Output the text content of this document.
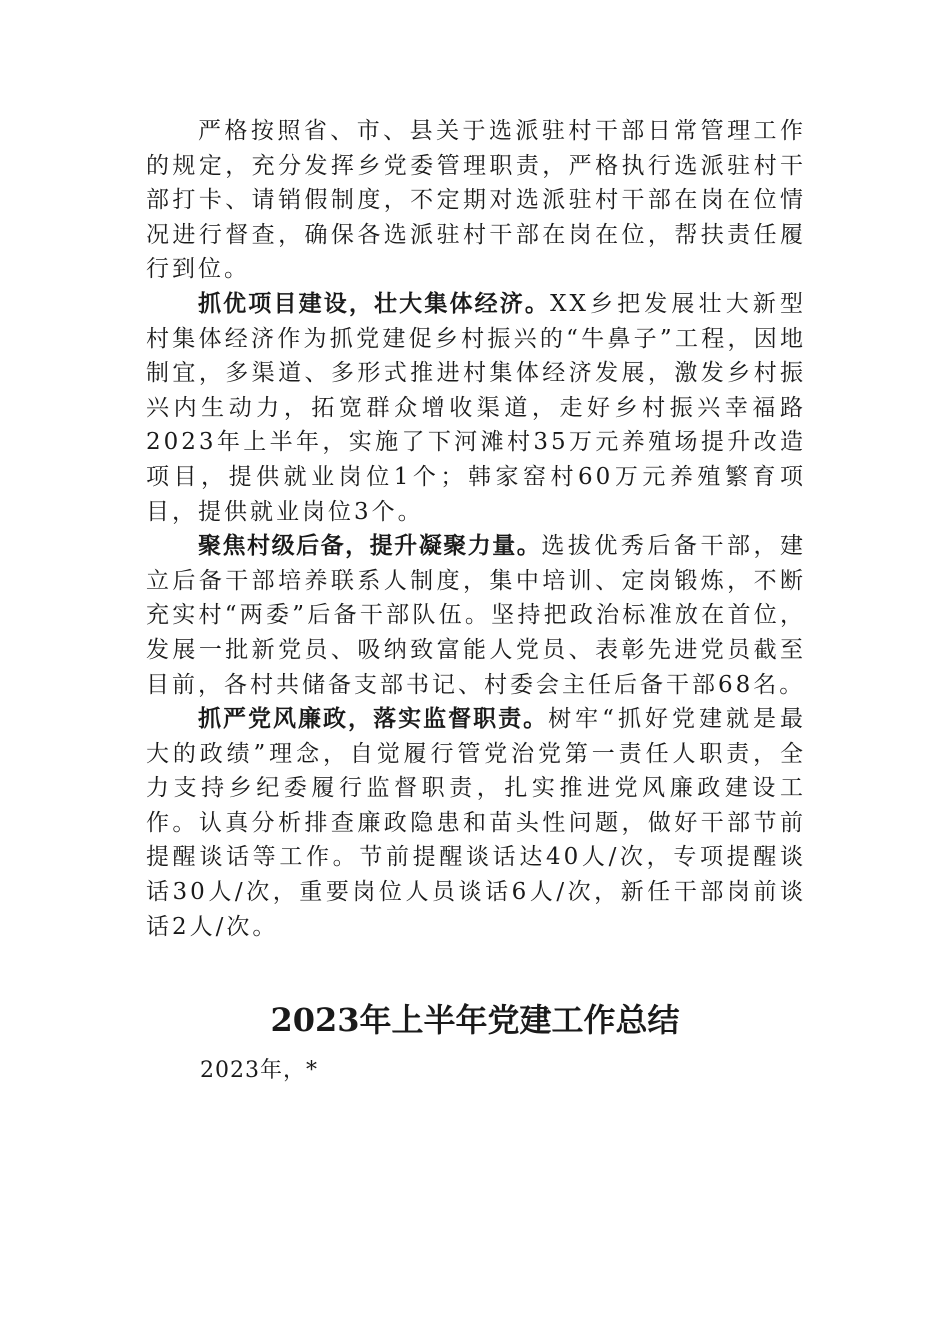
严格按照省、市、县关于选派驻村干部日常管理工作的规定，充分发挥乡党委管理职责，严格执行选派驻村干部打卡、请销假制度，不定期对选派驻村干部在岗在位情况进行督查，确保各选派驻村干部在岗在位，帮扶责任履行到位。

抓优项目建设，壮大集体经济。XX乡把发展壮大新型村集体经济作为抓党建促乡村振兴的“牛鼻子”工程，因地制宜，多渠道、多形式推进村集体经济发展，激发乡村振兴内生动力，拓宽群众增收渠道，走好乡村振兴幸福路2023年上半年，实施了下河滩村35万元养殖场提升改造项目，提供就业岗位1个；韩家窑村60万元养殖繁育项目，提供就业岗位3个。

聚焦村级后备，提升凝聚力量。选拔优秀后备干部，建立后备干部培养联系人制度，集中培训、定岗锻炼，不断充实村“两委”后备干部队伍。坚持把政治标准放在首位，发展一批新党员、吸纳致富能人党员、表彰先进党员截至目前，各村共储备支部书记、村委会主任后备干部68名。

抓严党风廉政，落实监督职责。树牢“抓好党建就是最大的政绩”理念，自觉履行管党治党第一责任人职责，全力支持乡纪委履行监督职责，扎实推进党风廉政建设工作。认真分析排查廉政隐患和苗头性问题，做好干部节前提醒谈话等工作。节前提醒谈话达40人/次，专项提醒谈话30人/次，重要岗位人员谈话6人/次，新任干部岗前谈话2人/次。

2023年上半年党建工作总结

2023年，*
